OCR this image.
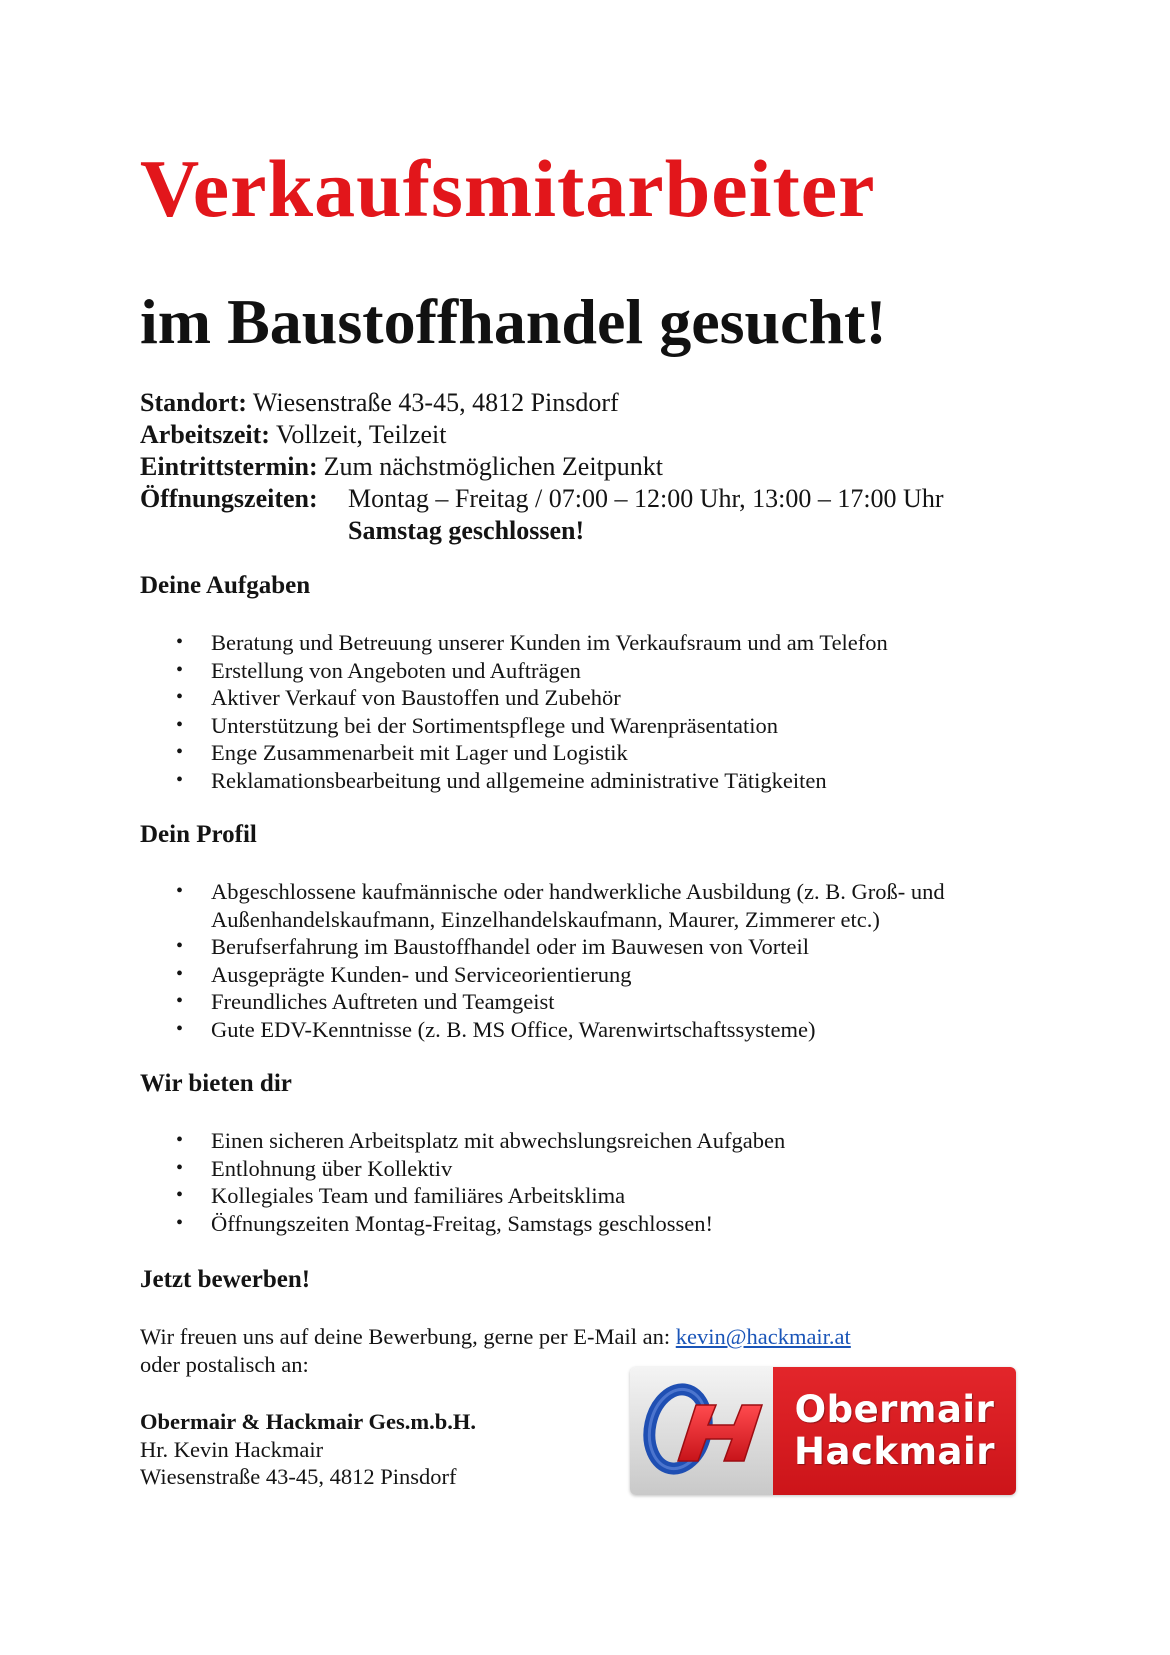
Verkaufsmitarbeiter
im Baustoffhandel gesucht!
Standort: Wiesenstraße 43-45, 4812 Pinsdorf
Arbeitszeit: Vollzeit, Teilzeit
Eintrittstermin: Zum nächstmöglichen Zeitpunkt
Öffnungszeiten: Montag – Freitag / 07:00 – 12:00 Uhr, 13:00 – 17:00 Uhr
Samstag geschlossen!
Deine Aufgaben
• Beratung und Betreuung unserer Kunden im Verkaufsraum und am Telefon
• Erstellung von Angeboten und Aufträgen
• Aktiver Verkauf von Baustoffen und Zubehör
• Unterstützung bei der Sortimentspflege und Warenpräsentation
• Enge Zusammenarbeit mit Lager und Logistik
• Reklamationsbearbeitung und allgemeine administrative Tätigkeiten
Dein Profil
• Abgeschlossene kaufmännische oder handwerkliche Ausbildung (z. B. Groß- und Außenhandelskaufmann, Einzelhandelskaufmann, Maurer, Zimmerer etc.)
• Berufserfahrung im Baustoffhandel oder im Bauwesen von Vorteil
• Ausgeprägte Kunden- und Serviceorientierung
• Freundliches Auftreten und Teamgeist
• Gute EDV-Kenntnisse (z. B. MS Office, Warenwirtschaftssysteme)
Wir bieten dir
• Einen sicheren Arbeitsplatz mit abwechslungsreichen Aufgaben
• Entlohnung über Kollektiv
• Kollegiales Team und familiäres Arbeitsklima
• Öffnungszeiten Montag-Freitag, Samstags geschlossen!
Jetzt bewerben!
Wir freuen uns auf deine Bewerbung, gerne per E-Mail an: kevin@hackmair.at
oder postalisch an:
Obermair & Hackmair Ges.m.b.H.
Hr. Kevin Hackmair
Wiesenstraße 43-45, 4812 Pinsdorf
Obermair
Hackmair
